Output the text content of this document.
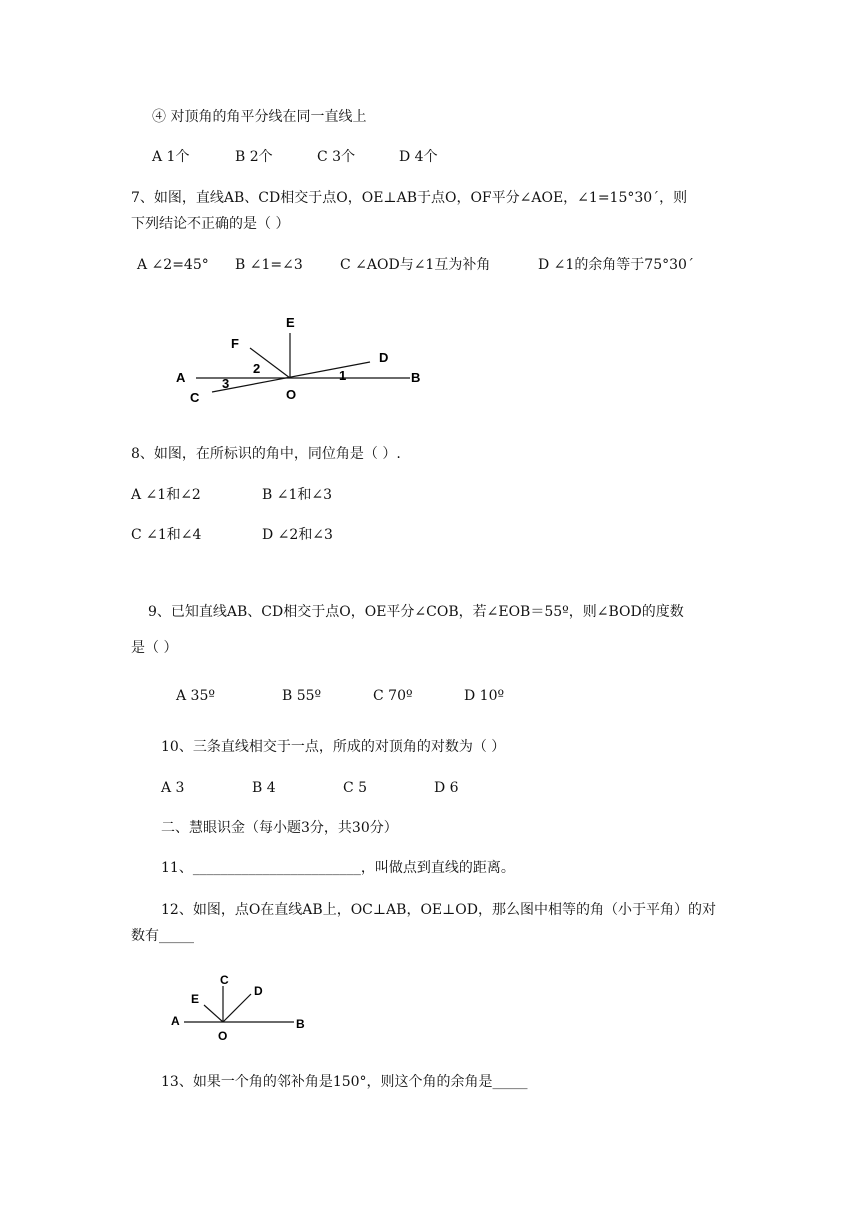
④ 对顶角的角平分线在同一直线上
A 1个	B 2个	C 3个	D 4个
7、如图，直线AB、CD相交于点O，OE⊥AB于点O，OF平分∠AOE，∠1=15°30´，则
下列结论不正确的是（ ）
A ∠2=45° B ∠1=∠3	C ∠AOD与∠1互为补角	D ∠1的余角等于75°30´
E
F
D
A	B
C	O
2
3
1
8、如图，在所标识的角中，同位角是（ ）.
A ∠1和∠2	B ∠1和∠3
C ∠1和∠4	D ∠2和∠3
9、已知直线AB、CD相交于点O，OE平分∠COB，若∠EOB＝55º，则∠BOD的度数
是（ ）
A 35º	B 55º	C 70º	D 10º
10、三条直线相交于一点，所成的对顶角的对数为（ ）
A 3	B 4	C 5	D 6
二、慧眼识金（每小题3分，共30分）
11、________________________，叫做点到直线的距离。
12、如图，点O在直线AB上，OC⊥AB，OE⊥OD，那么图中相等的角（小于平角）的对
数有_____
C
D
E
A	B
O
13、如果一个角的邻补角是150°，则这个角的余角是_____
